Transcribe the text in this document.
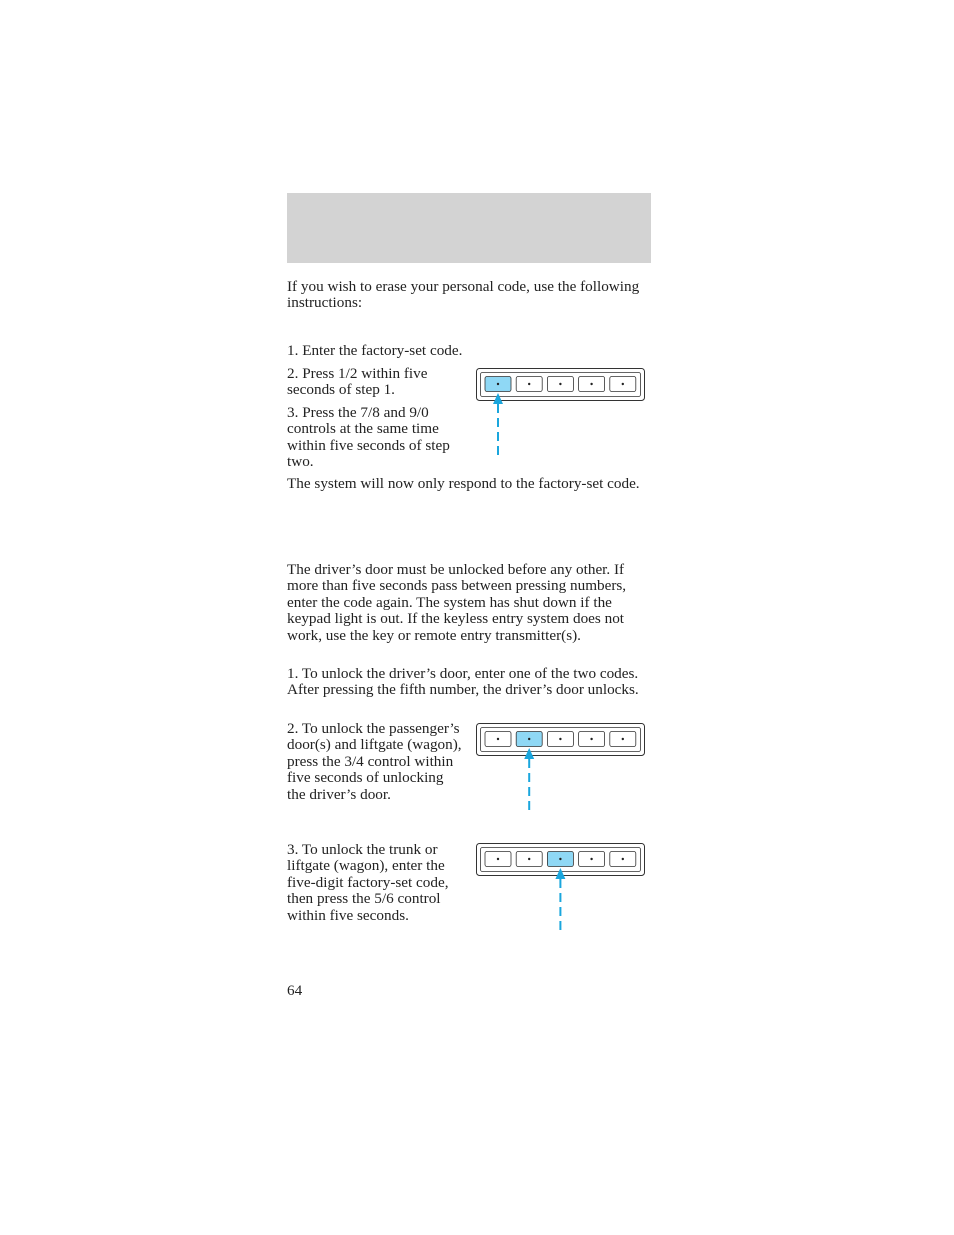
If you wish to erase your personal code, use the following instructions:

1. Enter the factory-set code.

2. Press 1/2 within five seconds of step 1.

3. Press the 7/8 and 9/0 controls at the same time within five seconds of step two.

The system will now only respond to the factory-set code.

The driver’s door must be unlocked before any other. If more than five seconds pass between pressing numbers, enter the code again. The system has shut down if the keypad light is out. If the keyless entry system does not work, use the key or remote entry transmitter(s).

1. To unlock the driver’s door, enter one of the two codes. After pressing the fifth number, the driver’s door unlocks.

2. To unlock the passenger’s door(s) and liftgate (wagon), press the 3/4 control within five seconds of unlocking the driver’s door.

3. To unlock the trunk or liftgate (wagon), enter the five-digit factory-set code, then press the 5/6 control within five seconds.

64
